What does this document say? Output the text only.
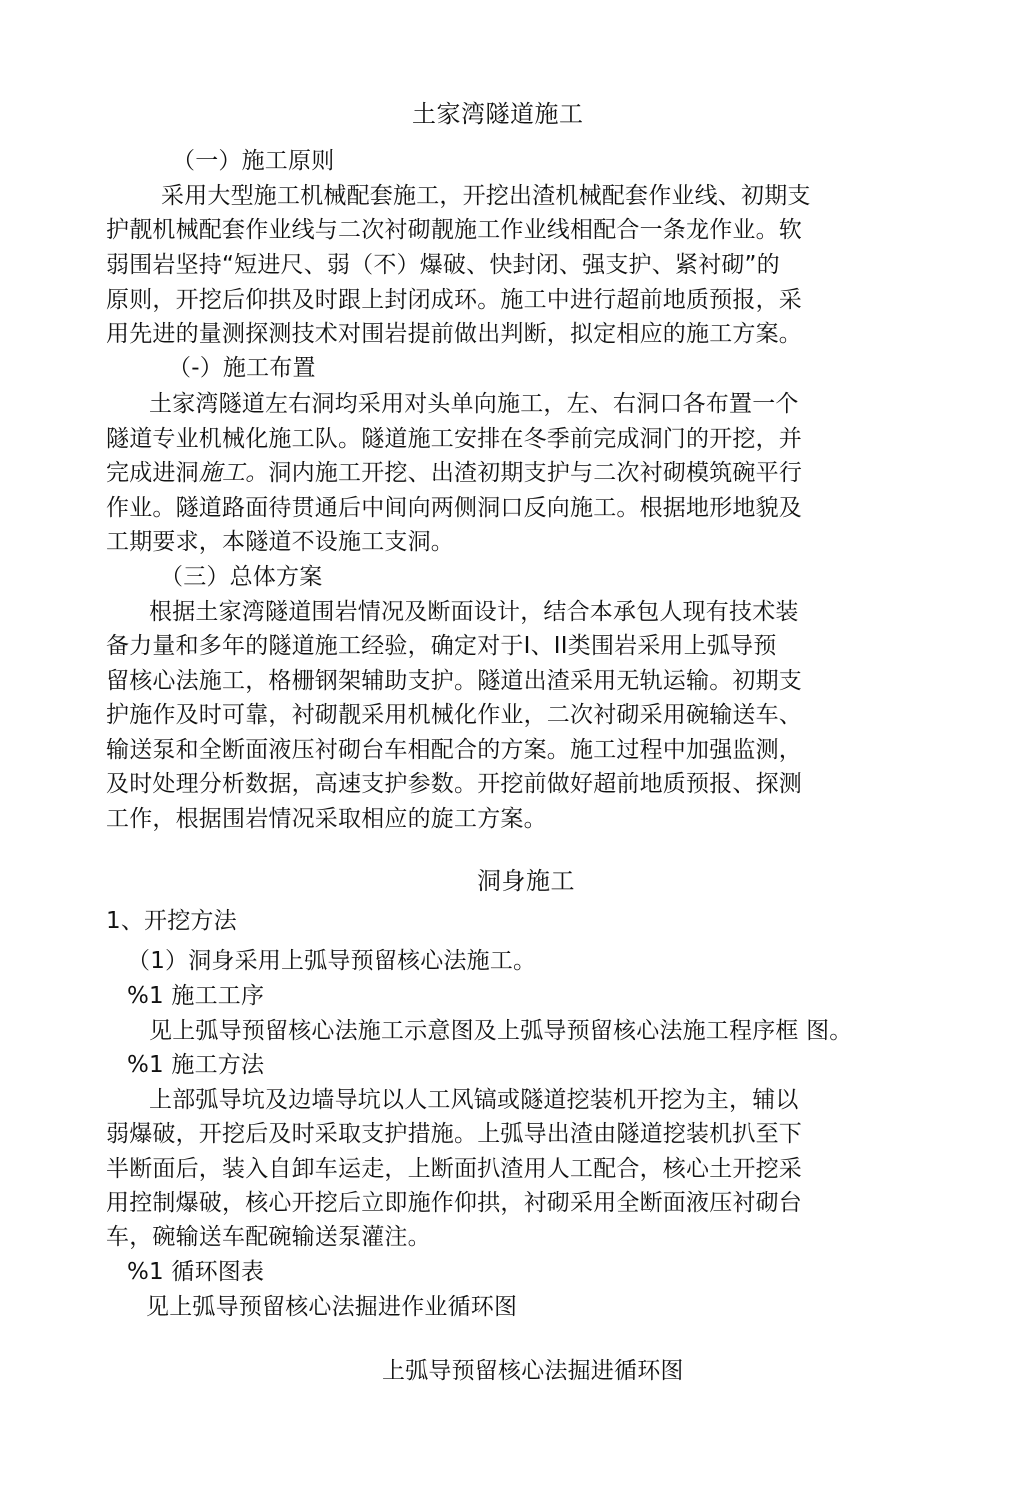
土家湾隧道施工
（一）施工原则
采用大型施工机械配套施工，开挖出渣机械配套作业线、初期支
护靓机械配套作业线与二次衬砌靓施工作业线相配合一条龙作业。软
弱围岩坚持“短进尺、弱（不）爆破、快封闭、强支护、紧衬砌”的
原则，开挖后仰拱及时跟上封闭成环。施工中进行超前地质预报，采
用先进的量测探测技术对围岩提前做出判断，拟定相应的施工方案。
（-）施工布置
土家湾隧道左右洞均采用对头单向施工，左、右洞口各布置一个
隧道专业机械化施工队。隧道施工安排在冬季前完成洞门的开挖，并
完成进洞施工。洞内施工开挖、出渣初期支护与二次衬砌模筑碗平行
作业。隧道路面待贯通后中间向两侧洞口反向施工。根据地形地貌及
工期要求，本隧道不设施工支洞。
（三）总体方案
根据土家湾隧道围岩情况及断面设计，结合本承包人现有技术装
备力量和多年的隧道施工经验，确定对于I、II类围岩采用上弧导预
留核心法施工，格栅钢架辅助支护。隧道出渣采用无轨运输。初期支
护施作及时可靠，衬砌靓采用机械化作业，二次衬砌采用碗输送车、
输送泵和全断面液压衬砌台车相配合的方案。施工过程中加强监测，
及时处理分析数据，高速支护参数。开挖前做好超前地质预报、探测
工作，根据围岩情况采取相应的旋工方案。
洞身施工
1、开挖方法
（1）洞身采用上弧导预留核心法施工。
%1 施工工序
见上弧导预留核心法施工示意图及上弧导预留核心法施工程序框 图。
%1 施工方法
上部弧导坑及边墙导坑以人工风镐或隧道挖装机开挖为主，辅以
弱爆破，开挖后及时采取支护措施。上弧导出渣由隧道挖装机扒至下
半断面后，装入自卸车运走，上断面扒渣用人工配合，核心土开挖采
用控制爆破，核心开挖后立即施作仰拱，衬砌采用全断面液压衬砌台
车，碗输送车配碗输送泵灌注。
%1 循环图表
见上弧导预留核心法掘进作业循环图
上弧导预留核心法掘进循环图
